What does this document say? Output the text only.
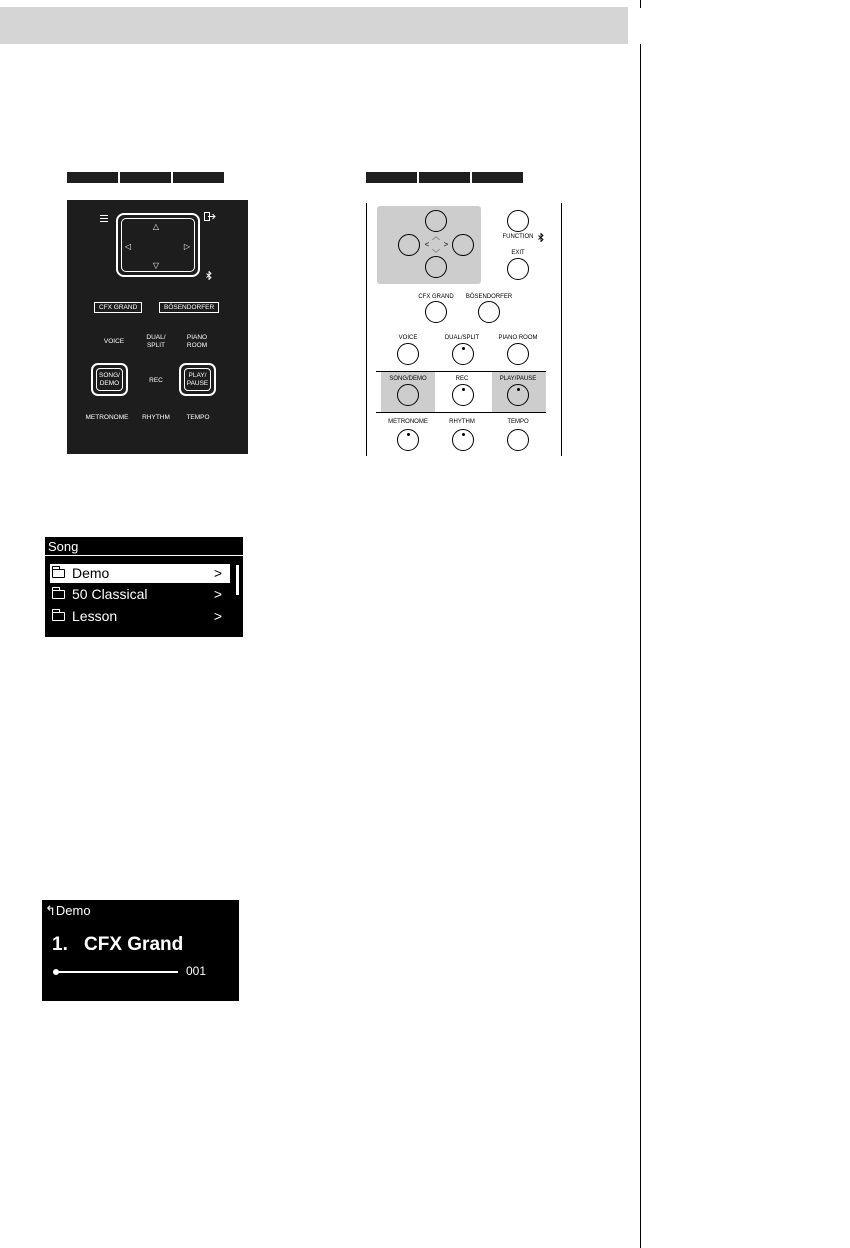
△
▽
◁	▷
CFX GRAND	BÖSENDORFER
VOICE
DUAL/
SPLIT
PIANO
ROOM
SONG/
DEMO	REC
PLAY/
PAUSE
METRONOME RHYTHM	TEMPO
< >
︿
﹀
FUNCTION
EXIT
CFX GRAND BÖSENDORFER
VOICE	DUAL/SPLIT	PIANO ROOM
SONG/DEMO	REC	PLAY/PAUSE
METRONOME	RHYTHM	TEMPO
Song
Demo	>
50 Classical	>
Lesson	>
↰Demo
1. CFX Grand
001
